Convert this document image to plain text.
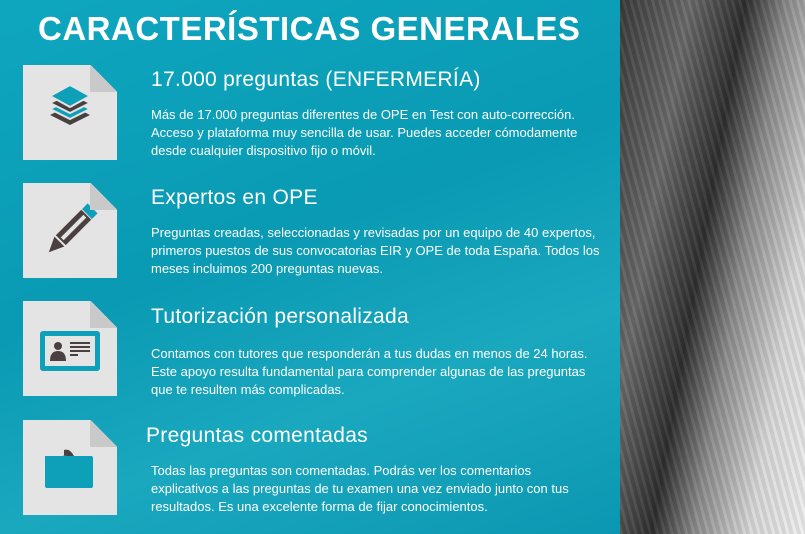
CARACTERÍSTICAS GENERALES
17.000 preguntas (ENFERMERÍA)
Más de 17.000 preguntas diferentes de OPE en Test con auto-corrección. Acceso y plataforma muy sencilla de usar. Puedes acceder cómodamente desde cualquier dispositivo fijo o móvil.
Expertos en OPE
Preguntas creadas, seleccionadas y revisadas por un equipo de 40 expertos, primeros puestos de sus convocatorias EIR y OPE de toda España. Todos los meses incluimos 200 preguntas nuevas.
Tutorización personalizada
Contamos con tutores que responderán a tus dudas en menos de 24 horas. Este apoyo resulta fundamental para comprender algunas de las preguntas que te resulten más complicadas.
Preguntas comentadas
Todas las preguntas son comentadas. Podrás ver los comentarios explicativos a las preguntas de tu examen una vez enviado junto con tus resultados. Es una excelente forma de fijar conocimientos.
